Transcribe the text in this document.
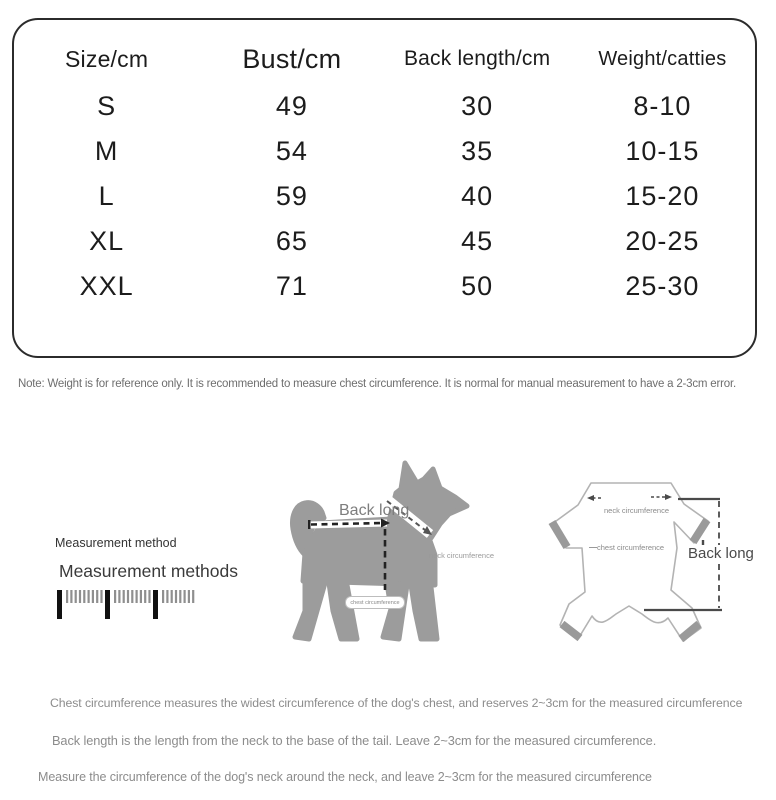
Size/cm	Bust/cm	Back length/cm	Weight/catties
S	49	30	8-10
M	54	35	10-15
L	59	40	15-20
XL	65	45	20-25
XXL	71	50	25-30
Note: Weight is for reference only. It is recommended to measure chest circumference. It is normal for manual measurement to have a 2-3cm error.
Measurement method
Measurement methods
Back long
neck circumference
chest circumference
neck circumference
chest circumference Back long
Chest circumference measures the widest circumference of the dog's chest, and reserves 2~3cm for the measured circumference
Back length is the length from the neck to the base of the tail. Leave 2~3cm for the measured circumference.
Measure the circumference of the dog's neck around the neck, and leave 2~3cm for the measured circumference
